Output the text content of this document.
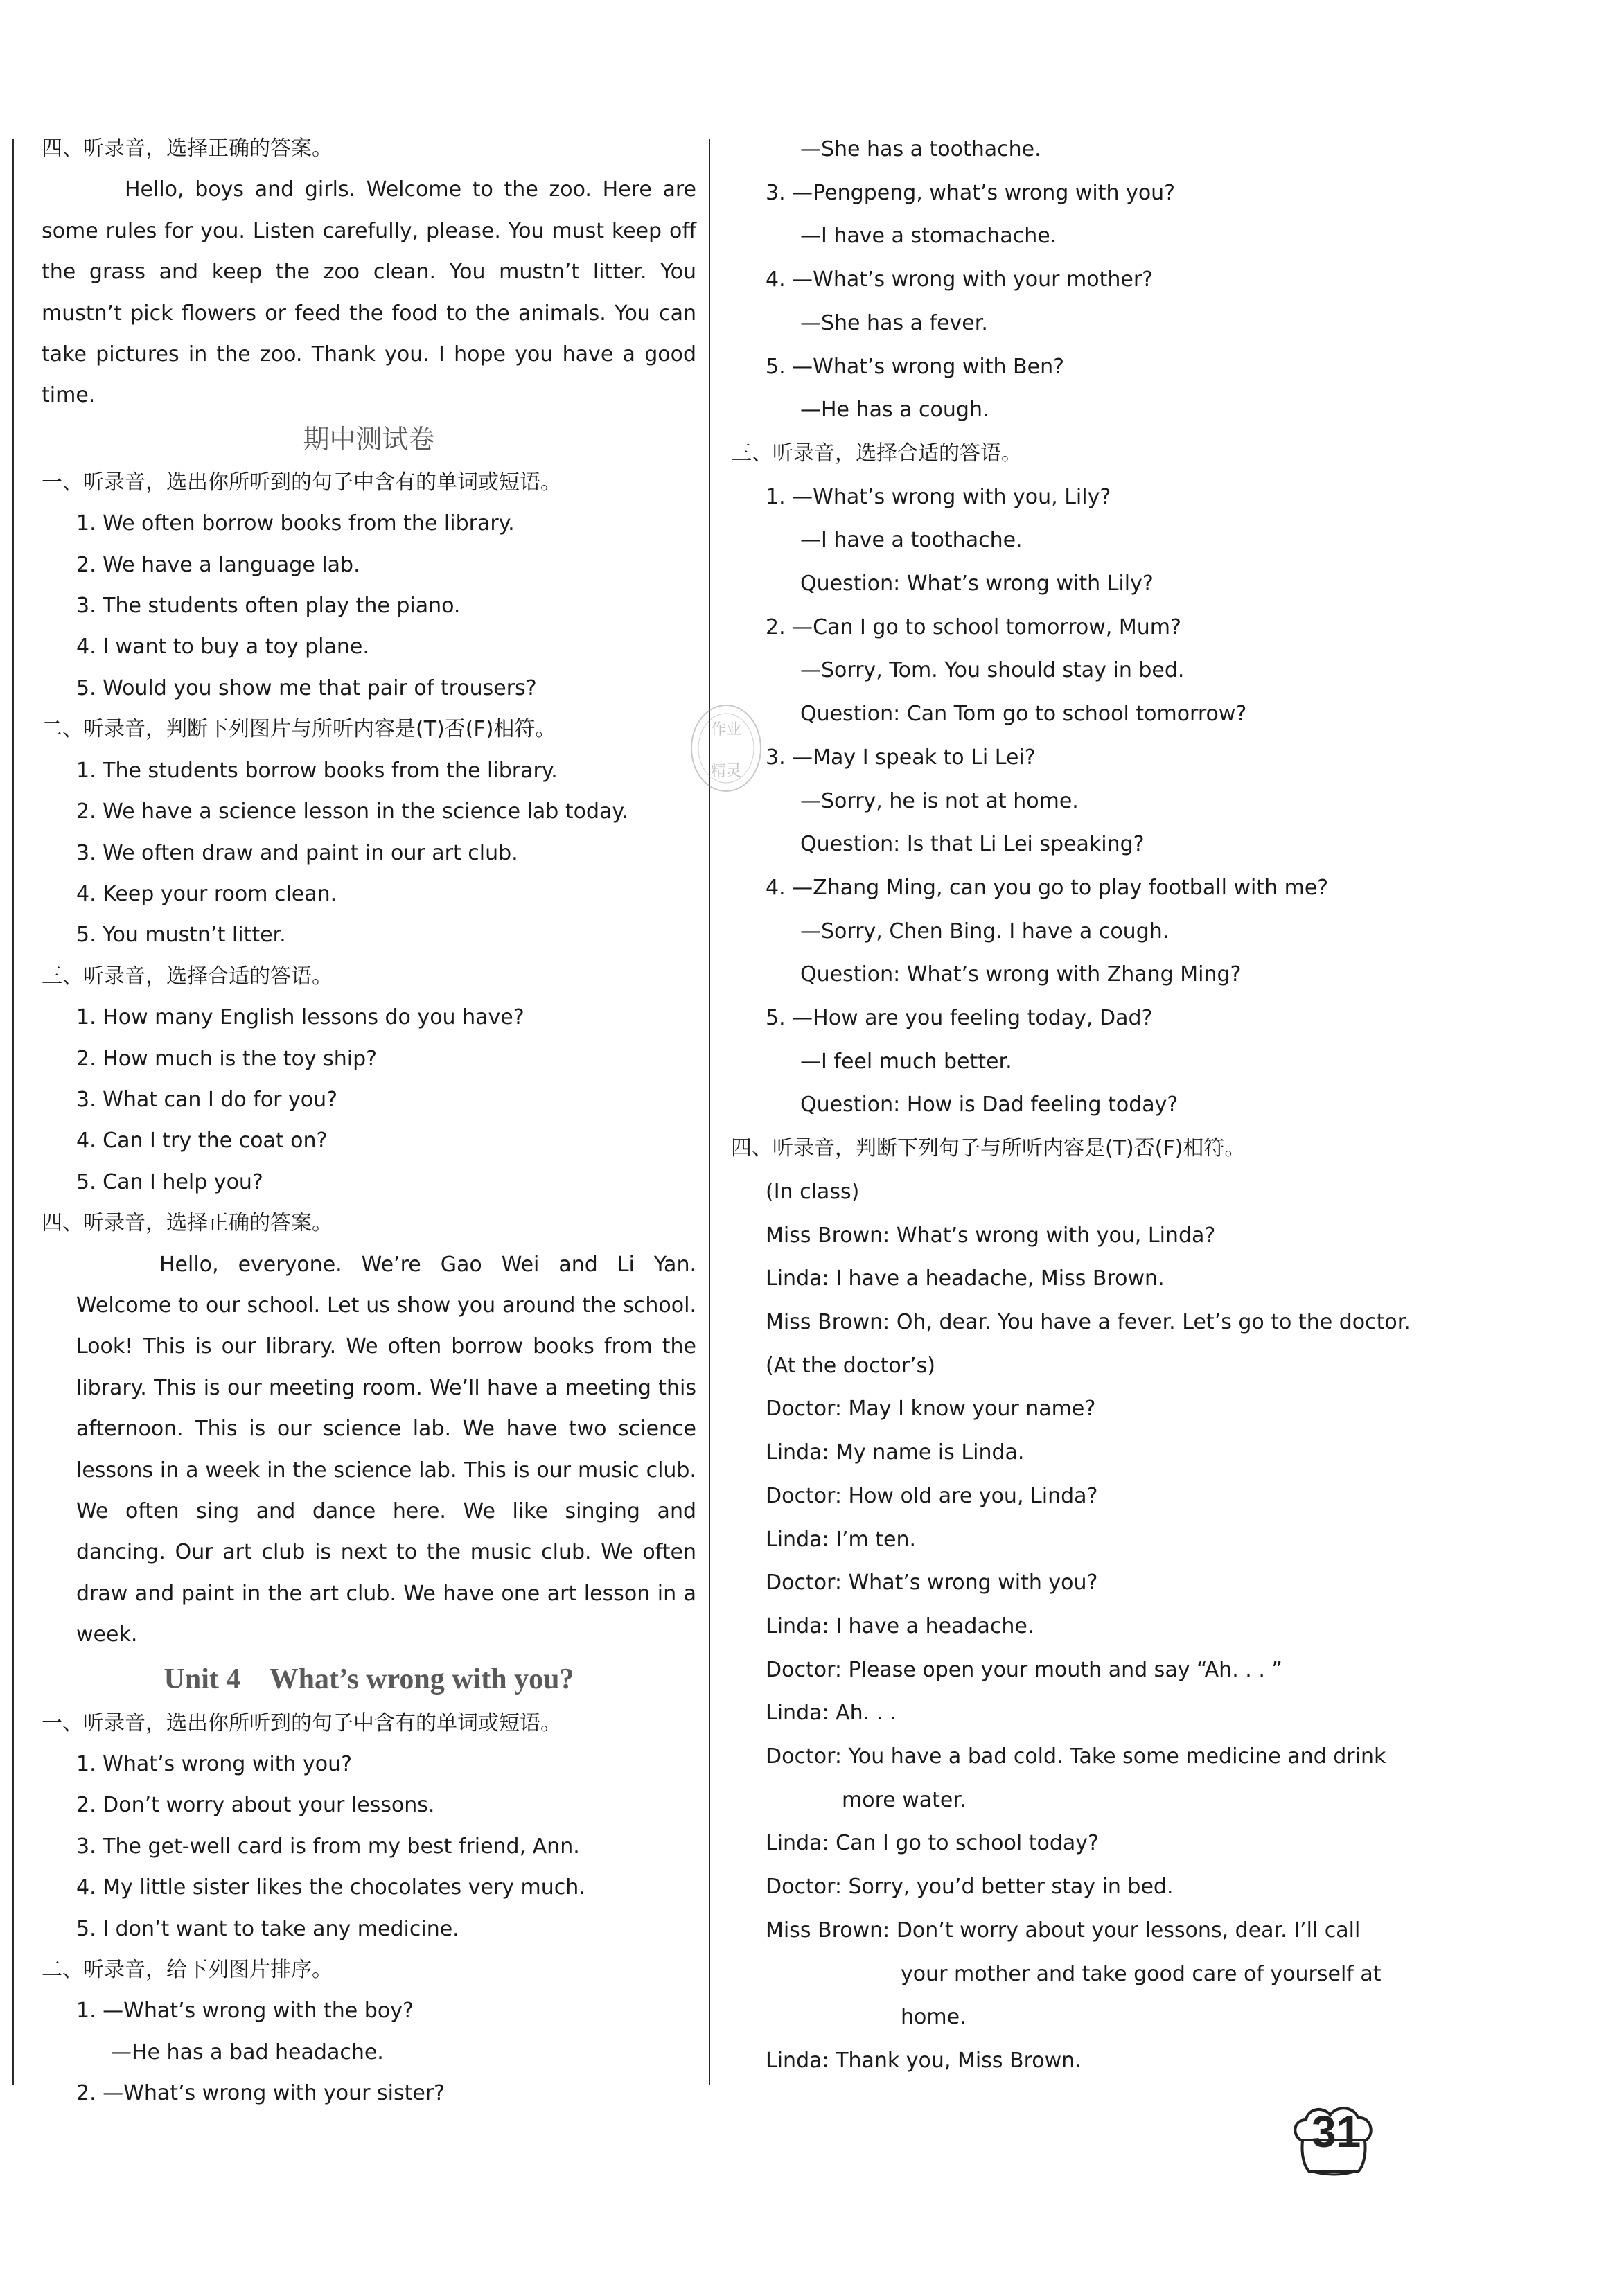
四、听录音，选择正确的答案。
Hello, boys and girls. Welcome to the zoo. Here are some rules for you. Listen carefully, please. You must keep off the grass and keep the zoo clean. You mustn’t litter. You mustn’t pick flowers or feed the food to the animals. You can take pictures in the zoo. Thank you. I hope you have a good time.
期中测试卷
一、听录音，选出你所听到的句子中含有的单词或短语。
1. We often borrow books from the library.
2. We have a language lab.
3. The students often play the piano.
4. I want to buy a toy plane.
5. Would you show me that pair of trousers?
二、听录音，判断下列图片与所听内容是(T)否(F)相符。
1. The students borrow books from the library.
2. We have a science lesson in the science lab today.
3. We often draw and paint in our art club.
4. Keep your room clean.
5. You mustn’t litter.
三、听录音，选择合适的答语。
1. How many English lessons do you have?
2. How much is the toy ship?
3. What can I do for you?
4. Can I try the coat on?
5. Can I help you?
四、听录音，选择正确的答案。
Hello, everyone. We’re Gao Wei and Li Yan. Welcome to our school. Let us show you around the school. Look! This is our library. We often borrow books from the library. This is our meeting room. We’ll have a meeting this afternoon. This is our science lab. We have two science lessons in a week in the science lab. This is our music club. We often sing and dance here. We like singing and dancing. Our art club is next to the music club. We often draw and paint in the art club. We have one art lesson in a week.
Unit 4    What’s wrong with you?
一、听录音，选出你所听到的句子中含有的单词或短语。
1. What’s wrong with you?
2. Don’t worry about your lessons.
3. The get-well card is from my best friend, Ann.
4. My little sister likes the chocolates very much.
5. I don’t want to take any medicine.
二、听录音，给下列图片排序。
1. —What’s wrong with the boy?
—He has a bad headache.
2. —What’s wrong with your sister?
—She has a toothache.
3. —Pengpeng, what’s wrong with you?
—I have a stomachache.
4. —What’s wrong with your mother?
—She has a fever.
5. —What’s wrong with Ben?
—He has a cough.
三、听录音，选择合适的答语。
1. —What’s wrong with you, Lily?
—I have a toothache.
Question: What’s wrong with Lily?
2. —Can I go to school tomorrow, Mum?
—Sorry, Tom. You should stay in bed.
Question: Can Tom go to school tomorrow?
3. —May I speak to Li Lei?
—Sorry, he is not at home.
Question: Is that Li Lei speaking?
4. —Zhang Ming, can you go to play football with me?
—Sorry, Chen Bing. I have a cough.
Question: What’s wrong with Zhang Ming?
5. —How are you feeling today, Dad?
—I feel much better.
Question: How is Dad feeling today?
四、听录音，判断下列句子与所听内容是(T)否(F)相符。
(In class)
Miss Brown: What’s wrong with you, Linda?
Linda: I have a headache, Miss Brown.
Miss Brown: Oh, dear. You have a fever. Let’s go to the doctor.
(At the doctor’s)
Doctor: May I know your name?
Linda: My name is Linda.
Doctor: How old are you, Linda?
Linda: I’m ten.
Doctor: What’s wrong with you?
Linda: I have a headache.
Doctor: Please open your mouth and say “Ah. . . ”
Linda: Ah. . .
Doctor: You have a bad cold. Take some medicine and drink
more water.
Linda: Can I go to school today?
Doctor: Sorry, you’d better stay in bed.
Miss Brown: Don’t worry about your lessons, dear. I’ll call
your mother and take good care of yourself at
home.
Linda: Thank you, Miss Brown.
作业
精灵
31
